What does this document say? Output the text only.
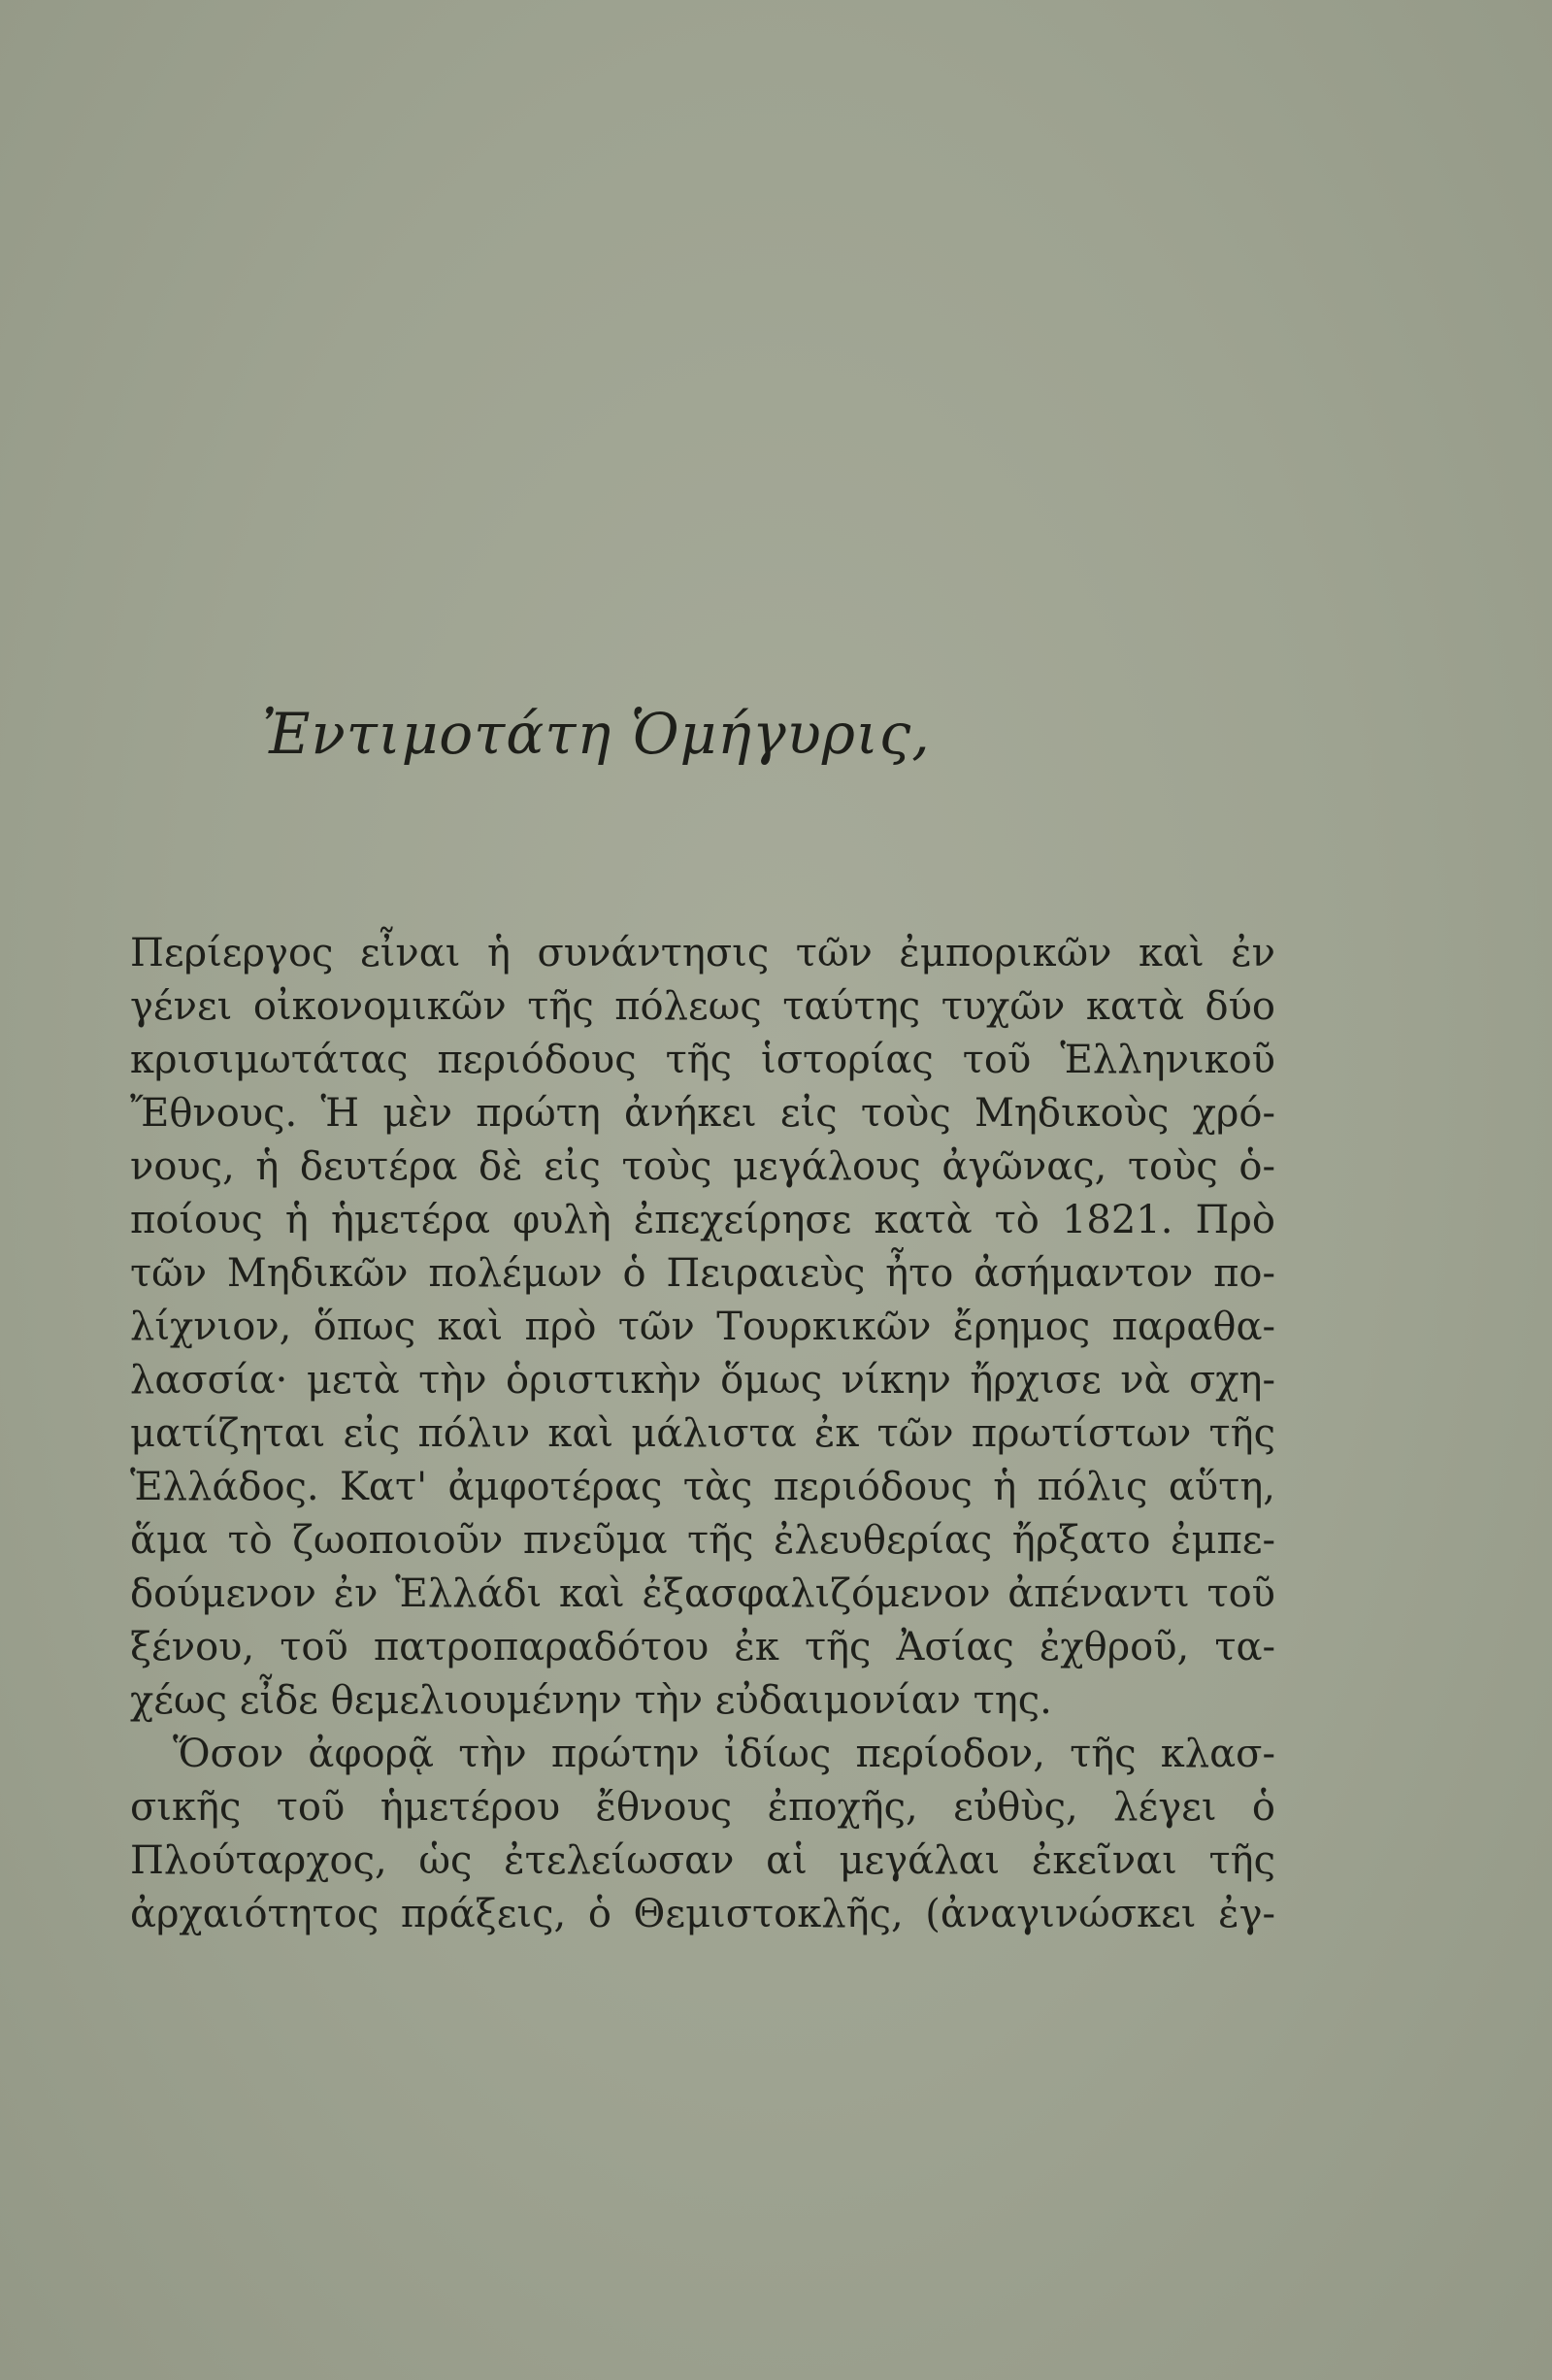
Ἐντιμοτάτη Ὁμήγυρις,
Περίεργος εἶναι ἡ συνάντησις τῶν ἐμπορικῶν καὶ ἐν
γένει οἰκονομικῶν τῆς πόλεως ταύτης τυχῶν κατὰ δύο
κρισιμωτάτας περιόδους τῆς ἱστορίας τοῦ Ἑλληνικοῦ
Ἔθνους. Ἡ μὲν πρώτη ἀνήκει εἰς τοὺς Μηδικοὺς χρό-
νους, ἡ δευτέρα δὲ εἰς τοὺς μεγάλους ἀγῶνας, τοὺς ὁ-
ποίους ἡ ἡμετέρα φυλὴ ἐπεχείρησε κατὰ τὸ 1821. Πρὸ
τῶν Μηδικῶν πολέμων ὁ Πειραιεὺς ἦτο ἀσήμαντον πο-
λίχνιον, ὅπως καὶ πρὸ τῶν Τουρκικῶν ἔρημος παραθα-
λασσία· μετὰ τὴν ὁριστικὴν ὅμως νίκην ἤρχισε νὰ σχη-
ματίζηται εἰς πόλιν καὶ μάλιστα ἐκ τῶν πρωτίστων τῆς
Ἑλλάδος. Κατ' ἀμφοτέρας τὰς περιόδους ἡ πόλις αὕτη,
ἅμα τὸ ζωοποιοῦν πνεῦμα τῆς ἐλευθερίας ἤρξατο ἐμπε-
δούμενον ἐν Ἑλλάδι καὶ ἐξασφαλιζόμενον ἀπέναντι τοῦ
ξένου, τοῦ πατροπαραδότου ἐκ τῆς Ἀσίας ἐχθροῦ, τα-
χέως εἶδε θεμελιουμένην τὴν εὐδαιμονίαν της.
Ὅσον ἀφορᾷ τὴν πρώτην ἰδίως περίοδον, τῆς κλασ-
σικῆς τοῦ ἡμετέρου ἔθνους ἐποχῆς, εὐθὺς, λέγει ὁ
Πλούταρχος, ὡς ἐτελείωσαν αἱ μεγάλαι ἐκεῖναι τῆς
ἀρχαιότητος πράξεις, ὁ Θεμιστοκλῆς, (ἀναγινώσκει ἐγ-
